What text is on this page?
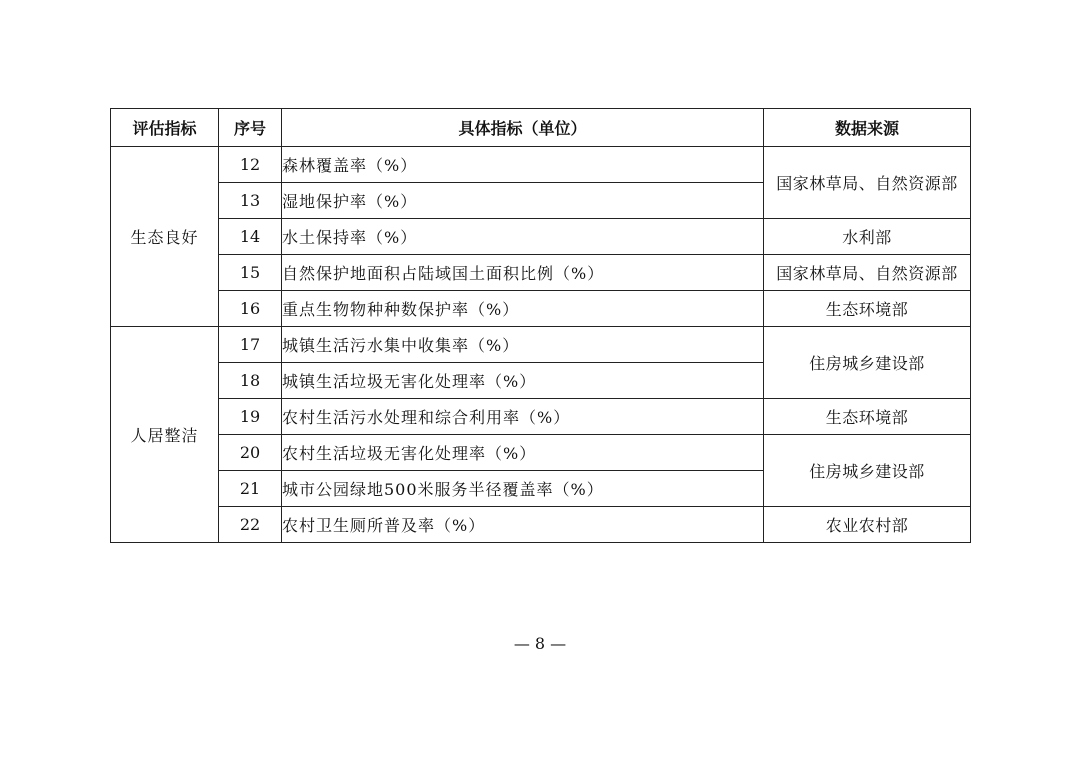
评估指标	序号	具体指标（单位）	数据来源
生态良好	12	森林覆盖率（%）	国家林草局、自然资源部
	13	湿地保护率（%）	
	14	水土保持率（%）	水利部
	15	自然保护地面积占陆域国土面积比例（%）	国家林草局、自然资源部
	16	重点生物物种种数保护率（%）	生态环境部
人居整洁	17	城镇生活污水集中收集率（%）	住房城乡建设部
	18	城镇生活垃圾无害化处理率（%）	
	19	农村生活污水处理和综合利用率（%）	生态环境部
	20	农村生活垃圾无害化处理率（%）	住房城乡建设部
	21	城市公园绿地500米服务半径覆盖率（%）	
	22	农村卫生厕所普及率（%）	农业农村部
— 8 —
